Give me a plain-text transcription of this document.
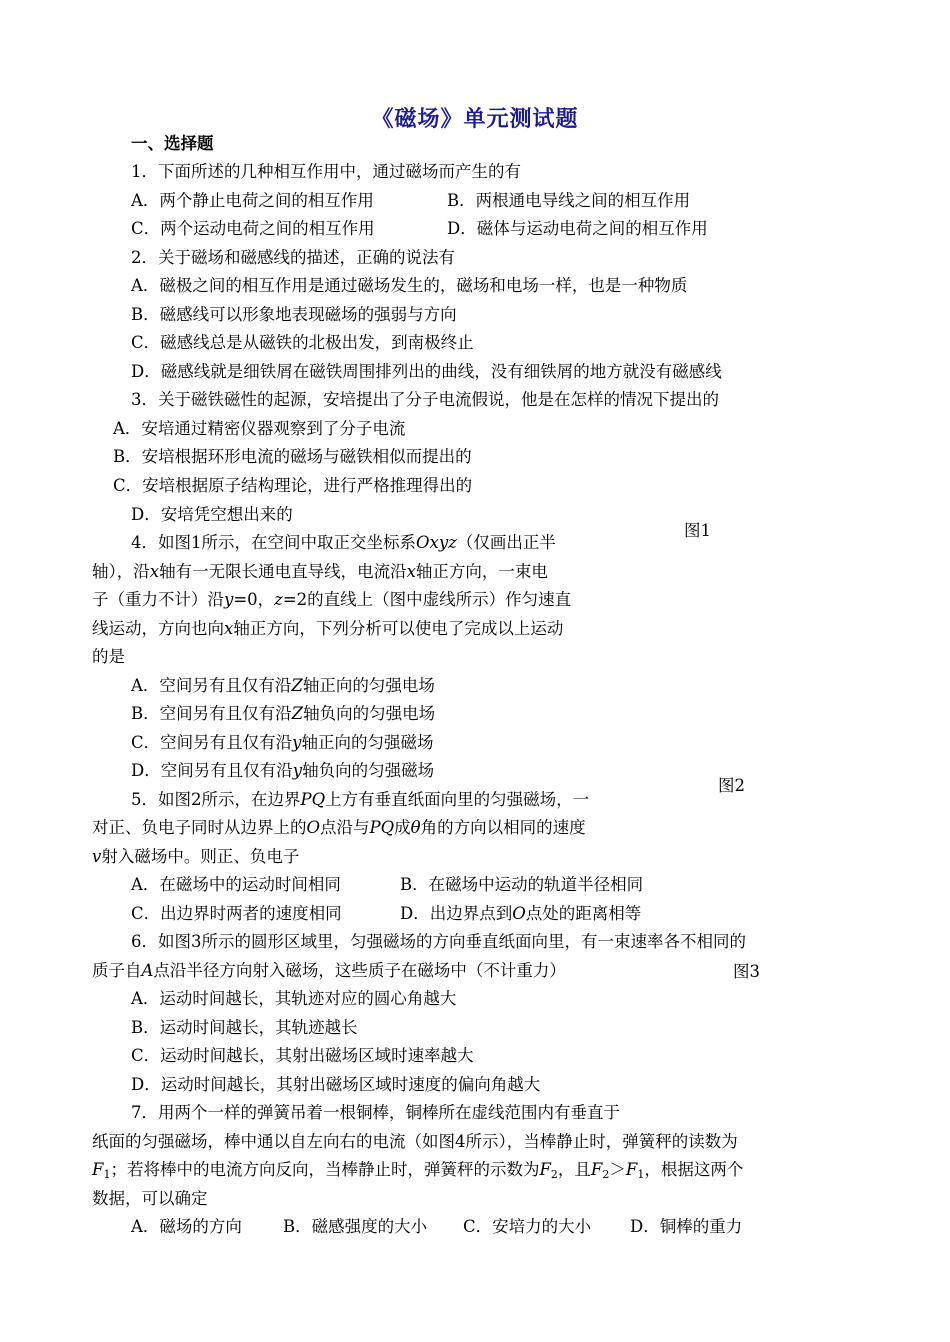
《磁场》单元测试题
一、选择题
1．下面所述的几种相互作用中，通过磁场而产生的有
A．两个静止电荷之间的相互作用	B．两根通电导线之间的相互作用
C．两个运动电荷之间的相互作用	D．磁体与运动电荷之间的相互作用
2．关于磁场和磁感线的描述，正确的说法有
A．磁极之间的相互作用是通过磁场发生的，磁场和电场一样，也是一种物质
B．磁感线可以形象地表现磁场的强弱与方向
C．磁感线总是从磁铁的北极出发，到南极终止
D．磁感线就是细铁屑在磁铁周围排列出的曲线，没有细铁屑的地方就没有磁感线
3．关于磁铁磁性的起源，安培提出了分子电流假说，他是在怎样的情况下提出的
A．安培通过精密仪器观察到了分子电流
B．安培根据环形电流的磁场与磁铁相似而提出的
C．安培根据原子结构理论，进行严格推理得出的
D．安培凭空想出来的
图1
4．如图1所示，在空间中取正交坐标系Oxyz（仅画出正半
轴），沿x轴有一无限长通电直导线，电流沿x轴正方向，一束电
子（重力不计）沿y=0，z=2的直线上（图中虚线所示）作匀速直
线运动，方向也向x轴正方向，下列分析可以使电了完成以上运动
的是
A．空间另有且仅有沿Z轴正向的匀强电场
B．空间另有且仅有沿Z轴负向的匀强电场
C．空间另有且仅有沿y轴正向的匀强磁场
D．空间另有且仅有沿y轴负向的匀强磁场
图2
5．如图2所示，在边界PQ上方有垂直纸面向里的匀强磁场，一
对正、负电子同时从边界上的O点沿与PQ成θ角的方向以相同的速度
v射入磁场中。则正、负电子
A．在磁场中的运动时间相同	B．在磁场中运动的轨道半径相同
C．出边界时两者的速度相同	D．出边界点到O点处的距离相等
6．如图3所示的圆形区域里，匀强磁场的方向垂直纸面向里，有一束速率各不相同的
质子自A点沿半径方向射入磁场，这些质子在磁场中（不计重力）	图3
A．运动时间越长，其轨迹对应的圆心角越大
B．运动时间越长，其轨迹越长
C．运动时间越长，其射出磁场区域时速率越大
D．运动时间越长，其射出磁场区域时速度的偏向角越大
7．用两个一样的弹簧吊着一根铜棒，铜棒所在虚线范围内有垂直于
纸面的匀强磁场，棒中通以自左向右的电流（如图4所示），当棒静止时，弹簧秤的读数为
$F_1$；若将棒中的电流方向反向，当棒静止时，弹簧秤的示数为$F_2$，且$F_2>F_1$，根据这两个
数据，可以确定
A．磁场的方向 B．磁感强度的大小 C．安培力的大小 D．铜棒的重力
